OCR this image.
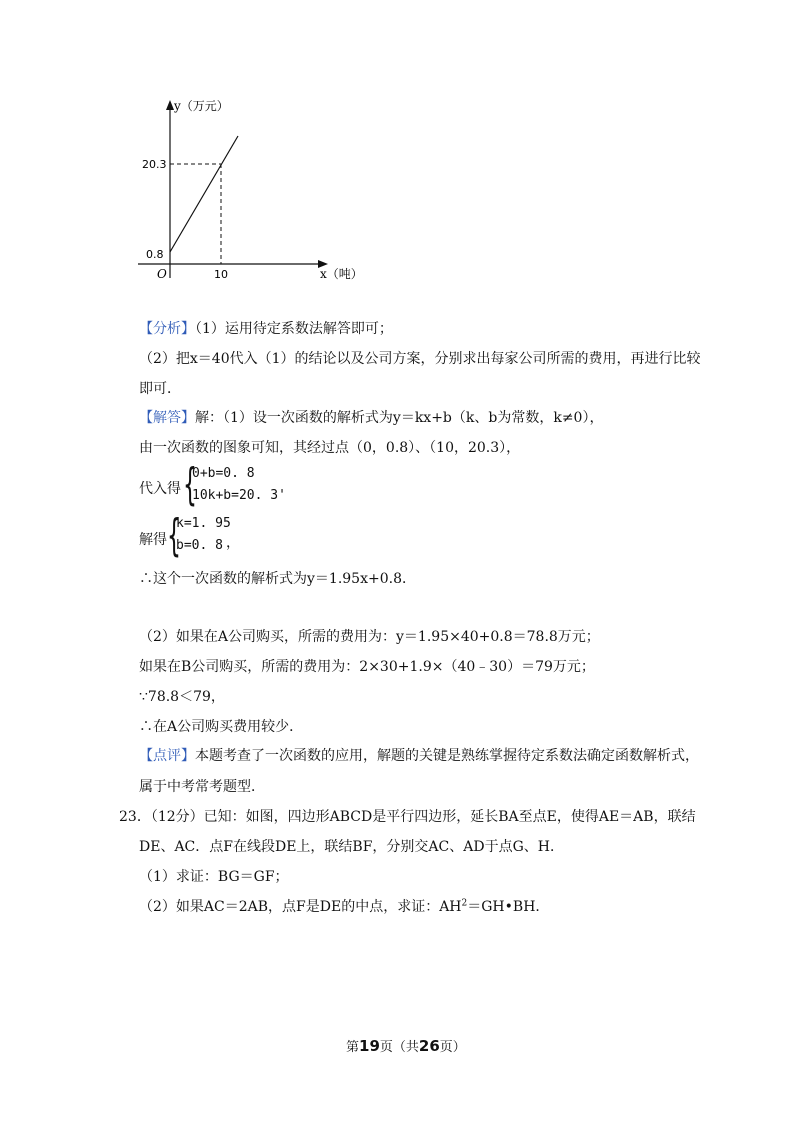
y（万元）
x（吨）
O
20.3
0.8
10
【分析】（1）运用待定系数法解答即可；
（2）把x＝40代入（1）的结论以及公司方案，分别求出每家公司所需的费用，再进行比较
即可．
【解答】解：（1）设一次函数的解析式为y＝kx+b（k、b为常数，k≠0），
由一次函数的图象可知，其经过点（0，0.8）、（10，20.3），
代入得 {
0+b=0. 8
10k+b=20. 3'
解得 {
k=1. 95
b=0. 8 ，
∴这个一次函数的解析式为y＝1.95x+0.8．
（2）如果在A公司购买，所需的费用为：y＝1.95×40+0.8＝78.8万元；
如果在B公司购买，所需的费用为：2×30+1.9×（40﹣30）＝79万元；
∵78.8＜79，
∴在A公司购买费用较少．
【点评】本题考查了一次函数的应用，解题的关键是熟练掌握待定系数法确定函数解析式，
属于中考常考题型．
23．（12分）已知：如图，四边形ABCD是平行四边形，延长BA至点E，使得AE＝AB，联结
DE、AC．点F在线段DE上，联结BF，分别交AC、AD于点G、H．
（1）求证：BG＝GF；
（2）如果AC＝2AB，点F是DE的中点，求证：$AH^2=GH•BH$．
第19页（共26页）
